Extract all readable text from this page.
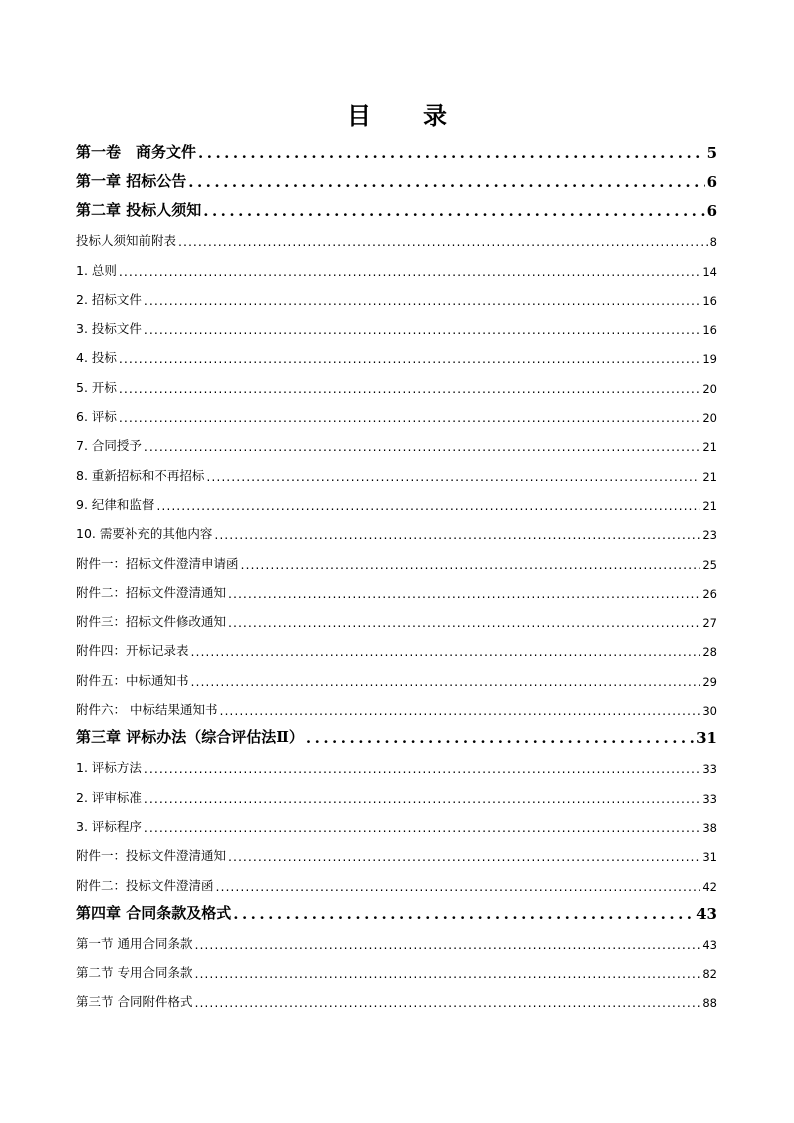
目 录
第一卷　商务文件 .....	5
第一章 招标公告 .....	6
第二章 投标人须知 .....	6
投标人须知前附表 .....	8
1. 总则 .....	14
2. 招标文件 .....	16
3. 投标文件 .....	16
4. 投标 .....	19
5. 开标 .....	20
6. 评标 .....	20
7. 合同授予 .....	21
8. 重新招标和不再招标 .....	21
9. 纪律和监督 .....	21
10. 需要补充的其他内容 .....	23
附件一：招标文件澄清申请函 .....	25
附件二：招标文件澄清通知 .....	26
附件三：招标文件修改通知 .....	27
附件四：开标记录表 .....	28
附件五：中标通知书 .....	29
附件六： 中标结果通知书 .....	30
第三章 评标办法（综合评估法Ⅱ） .....	31
1. 评标方法 .....	33
2. 评审标准 .....	33
3. 评标程序 .....	38
附件一：投标文件澄清通知 .....	31
附件二：投标文件澄清函 .....	42
第四章 合同条款及格式 .....	43
第一节 通用合同条款 .....	43
第二节 专用合同条款 .....	82
第三节 合同附件格式 .....	88
